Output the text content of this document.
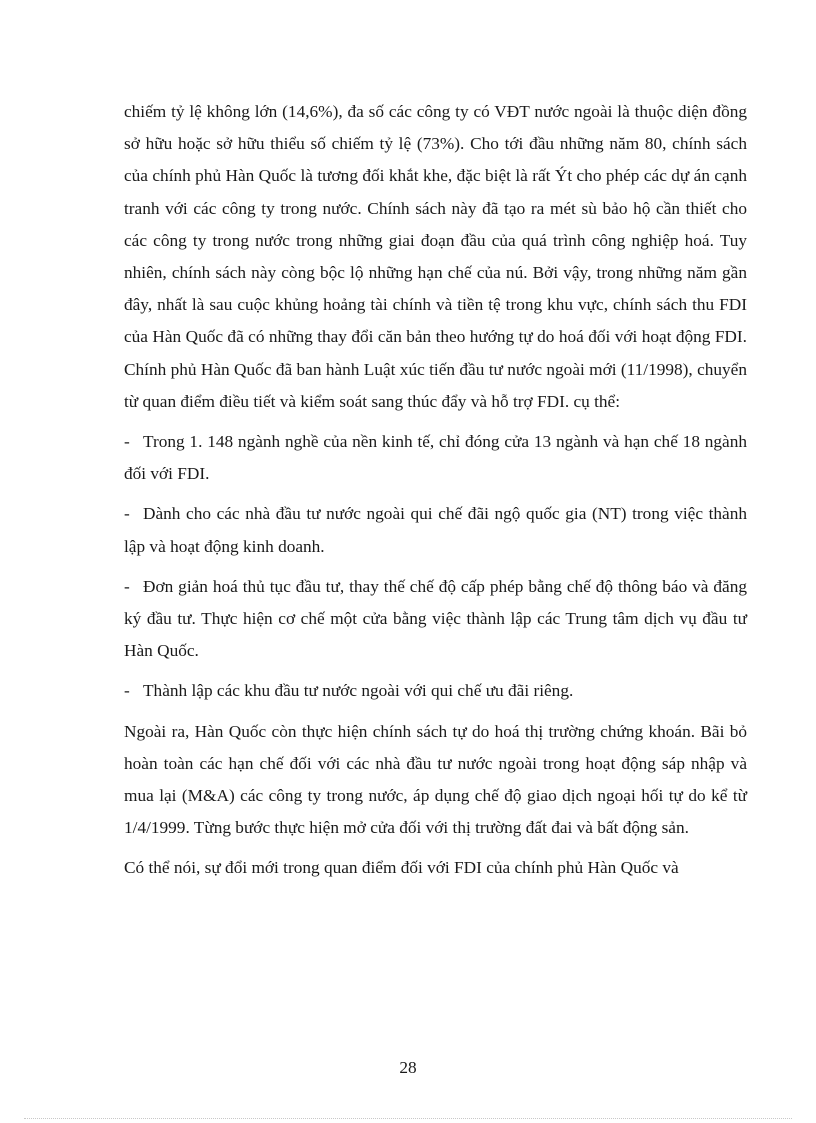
chiếm tỷ lệ không lớn (14,6%), đa số các công ty có VĐT nước ngoài là thuộc diện đồng sở hữu hoặc sở hữu thiểu số chiếm tỷ lệ (73%). Cho tới đầu những năm 80, chính sách của chính phủ Hàn Quốc là tương đối khắt khe, đặc biệt là rất Ýt cho phép các dự án cạnh tranh với các công ty trong nước. Chính sách này đã tạo ra mét sù bảo hộ cần thiết cho các công ty trong nước trong những giai đoạn đầu của quá trình công nghiệp hoá. Tuy nhiên, chính sách này còng bộc lộ những hạn chế của nú. Bởi vậy, trong những năm gần đây, nhất là sau cuộc khủng hoảng tài chính và tiền tệ trong khu vực, chính sách thu FDI của Hàn Quốc đã có những thay đổi căn bản theo hướng tự do hoá đối với hoạt động FDI. Chính phủ Hàn Quốc đã ban hành Luật xúc tiến đầu tư nước ngoài mới (11/1998), chuyển từ quan điểm điều tiết và kiểm soát sang thúc đẩy và hỗ trợ FDI. cụ thể:

- Trong 1. 148 ngành nghề của nền kinh tế, chỉ đóng cửa 13 ngành và hạn chế 18 ngành đối với FDI.

- Dành cho các nhà đầu tư nước ngoài qui chế đãi ngộ quốc gia (NT) trong việc thành lập và hoạt động kinh doanh.

- Đơn giản hoá thủ tục đầu tư, thay thế chế độ cấp phép bằng chế độ thông báo và đăng ký đầu tư. Thực hiện cơ chế một cửa bằng việc thành lập các Trung tâm dịch vụ đầu tư Hàn Quốc.

- Thành lập các khu đầu tư nước ngoài với qui chế ưu đãi riêng.

Ngoài ra, Hàn Quốc còn thực hiện chính sách tự do hoá thị trường chứng khoán. Bãi bỏ hoàn toàn các hạn chế đối với các nhà đầu tư nước ngoài trong hoạt động sáp nhập và mua lại (M&A) các công ty trong nước, áp dụng chế độ giao dịch ngoại hối tự do kể từ 1/4/1999. Từng bước thực hiện mở cửa đối với thị trường đất đai và bất động sản.

Có thể nói, sự đổi mới trong quan điểm đối với FDI của chính phủ Hàn Quốc và

28
